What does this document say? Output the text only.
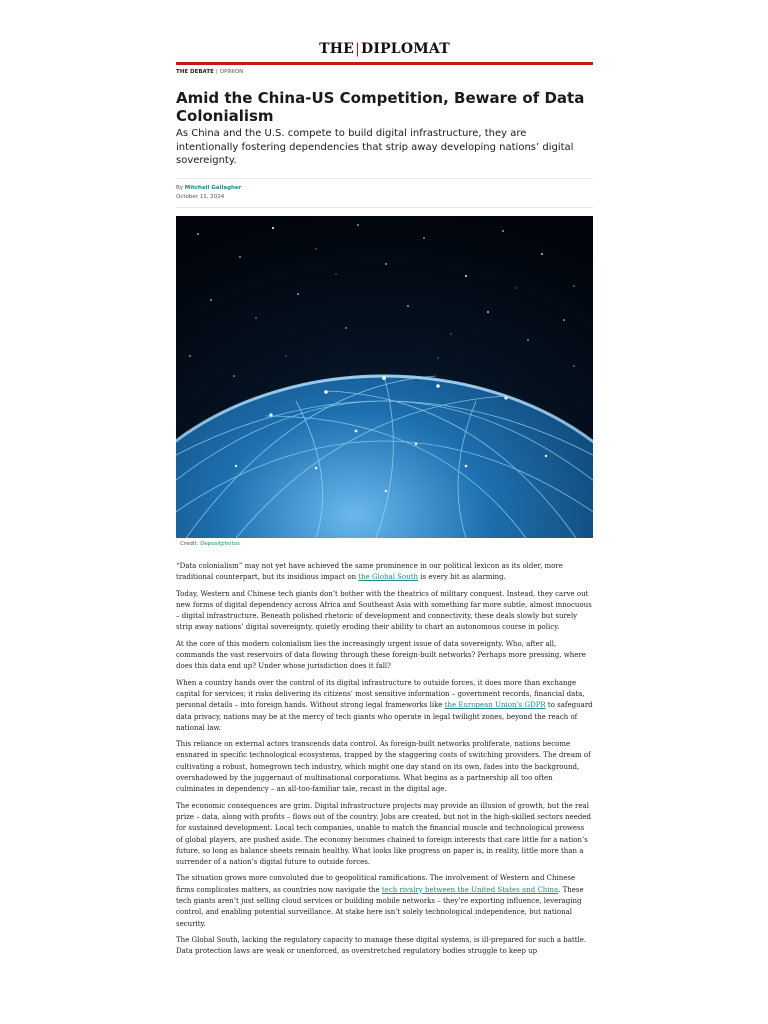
THE|DIPLOMAT
THE DEBATE | OPINION
Amid the China-US Competition, Beware of Data Colonialism

As China and the U.S. compete to build digital infrastructure, they are intentionally fostering dependencies that strip away developing nations’ digital sovereignty.

By Mitchell Gallagher
October 11, 2024
Credit: Depositphotos

“Data colonialism” may not yet have achieved the same prominence in our political lexicon as its older, more traditional counterpart, but its insidious impact on the Global South is every bit as alarming.

Today, Western and Chinese tech giants don’t bother with the theatrics of military conquest. Instead, they carve out new forms of digital dependency across Africa and Southeast Asia with something far more subtle, almost innocuous – digital infrastructure. Beneath polished rhetoric of development and connectivity, these deals slowly but surely strip away nations’ digital sovereignty, quietly eroding their ability to chart an autonomous course in policy.

At the core of this modern colonialism lies the increasingly urgent issue of data sovereignty. Who, after all, commands the vast reservoirs of data flowing through these foreign-built networks? Perhaps more pressing, where does this data end up? Under whose jurisdiction does it fall?

When a country hands over the control of its digital infrastructure to outside forces, it does more than exchange capital for services; it risks delivering its citizens’ most sensitive information – government records, financial data, personal details – into foreign hands. Without strong legal frameworks like the European Union’s GDPR to safeguard data privacy, nations may be at the mercy of tech giants who operate in legal twilight zones, beyond the reach of national law.

This reliance on external actors transcends data control. As foreign-built networks proliferate, nations become ensnared in specific technological ecosystems, trapped by the staggering costs of switching providers. The dream of cultivating a robust, homegrown tech industry, which might one day stand on its own, fades into the background, overshadowed by the juggernaut of multinational corporations. What begins as a partnership all too often culminates in dependency – an all-too-familiar tale, recast in the digital age.

The economic consequences are grim. Digital infrastructure projects may provide an illusion of growth, but the real prize – data, along with profits – flows out of the country. Jobs are created, but not in the high-skilled sectors needed for sustained development. Local tech companies, unable to match the financial muscle and technological prowess of global players, are pushed aside. The economy becomes chained to foreign interests that care little for a nation’s future, so long as balance sheets remain healthy. What looks like progress on paper is, in reality, little more than a surrender of a nation’s digital future to outside forces.

The situation grows more convoluted due to geopolitical ramifications. The involvement of Western and Chinese firms complicates matters, as countries now navigate the tech rivalry between the United States and China. These tech giants aren’t just selling cloud services or building mobile networks – they’re exporting influence, leveraging control, and enabling potential surveillance. At stake here isn’t solely technological independence, but national security.

The Global South, lacking the regulatory capacity to manage these digital systems, is ill-prepared for such a battle. Data protection laws are weak or unenforced, as overstretched regulatory bodies struggle to keep up
